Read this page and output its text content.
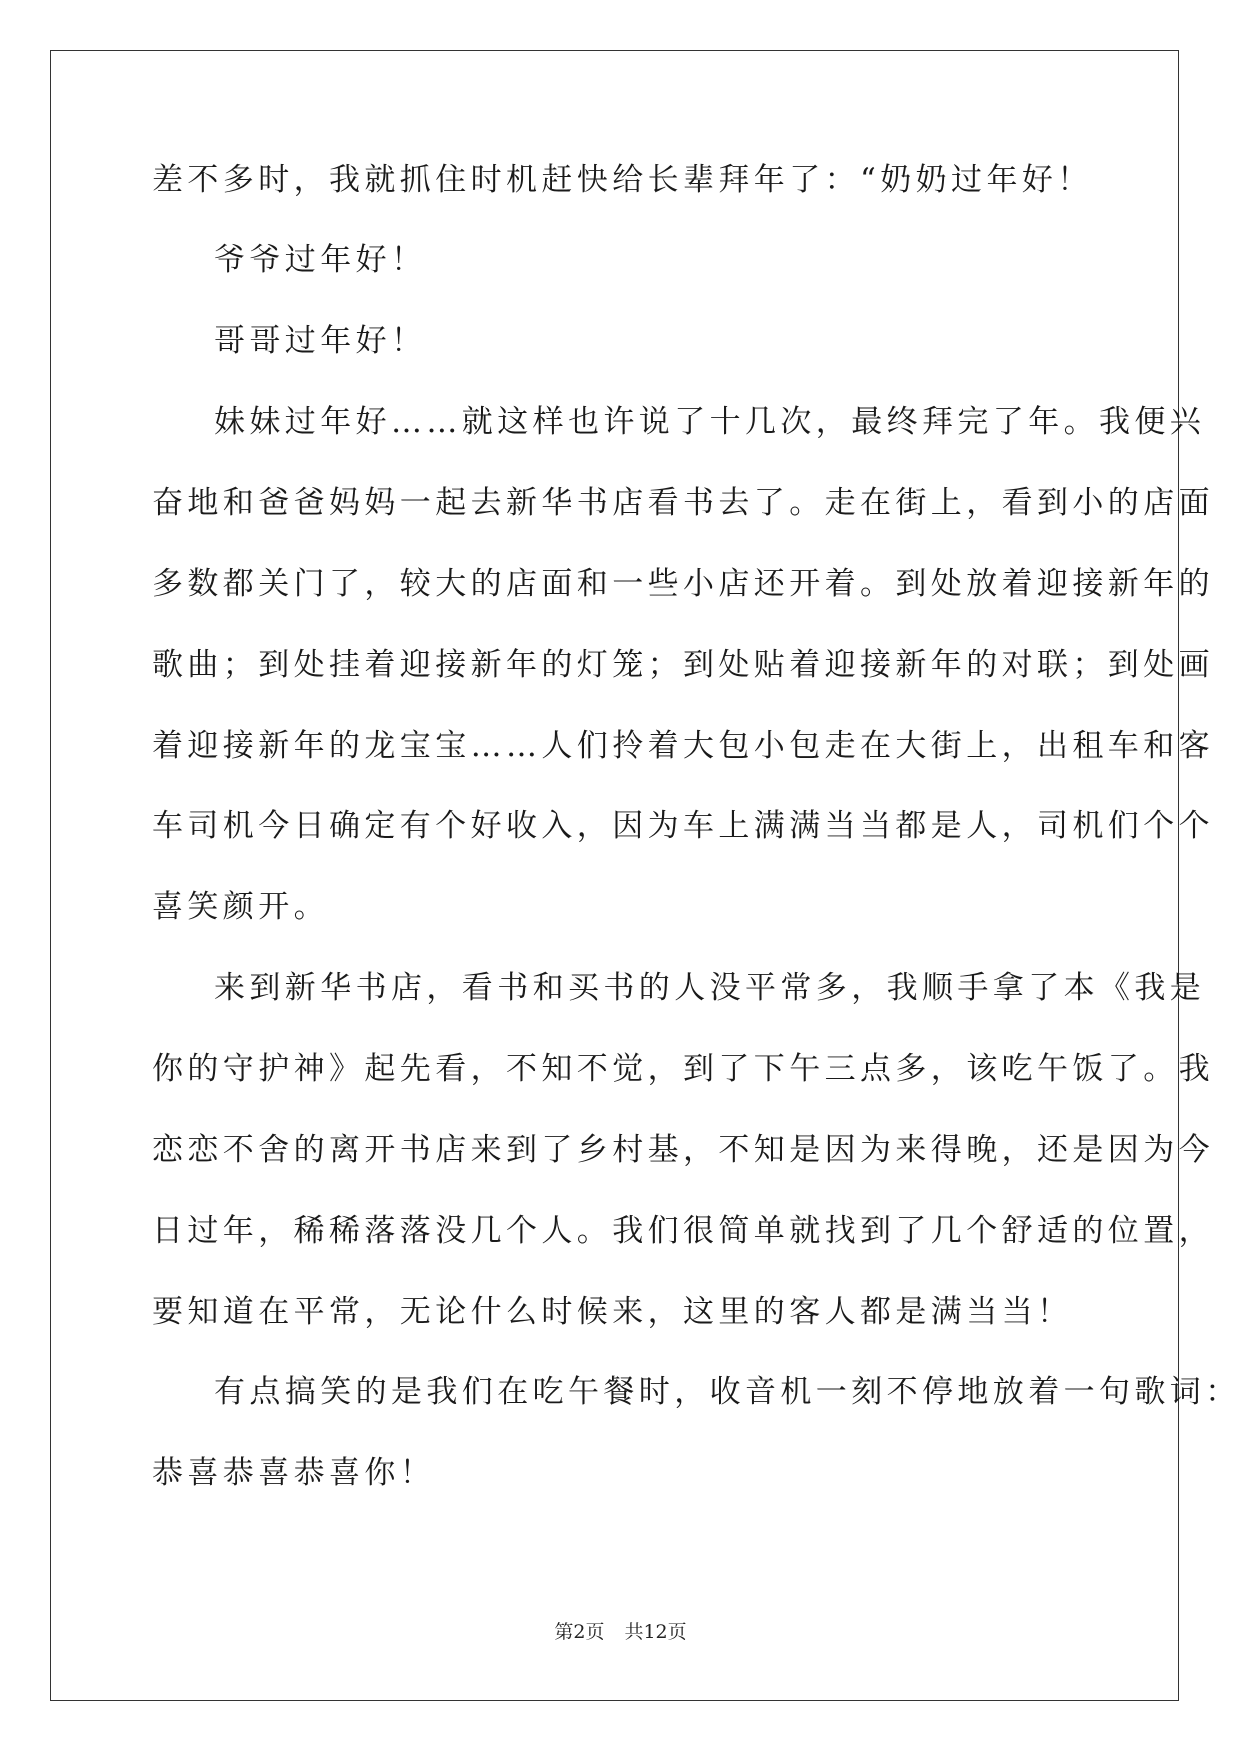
差不多时，我就抓住时机赶快给长辈拜年了：“奶奶过年好！
爷爷过年好！
哥哥过年好！
妹妹过年好……就这样也许说了十几次，最终拜完了年。我便兴
奋地和爸爸妈妈一起去新华书店看书去了。走在街上，看到小的店面
多数都关门了，较大的店面和一些小店还开着。到处放着迎接新年的
歌曲；到处挂着迎接新年的灯笼；到处贴着迎接新年的对联；到处画
着迎接新年的龙宝宝……人们拎着大包小包走在大街上，出租车和客
车司机今日确定有个好收入，因为车上满满当当都是人，司机们个个
喜笑颜开。
来到新华书店，看书和买书的人没平常多，我顺手拿了本《我是
你的守护神》起先看，不知不觉，到了下午三点多，该吃午饭了。我
恋恋不舍的离开书店来到了乡村基，不知是因为来得晚，还是因为今
日过年，稀稀落落没几个人。我们很简单就找到了几个舒适的位置，
要知道在平常，无论什么时候来，这里的客人都是满当当！
有点搞笑的是我们在吃午餐时，收音机一刻不停地放着一句歌词：
恭喜恭喜恭喜你！
第2页 共12页
